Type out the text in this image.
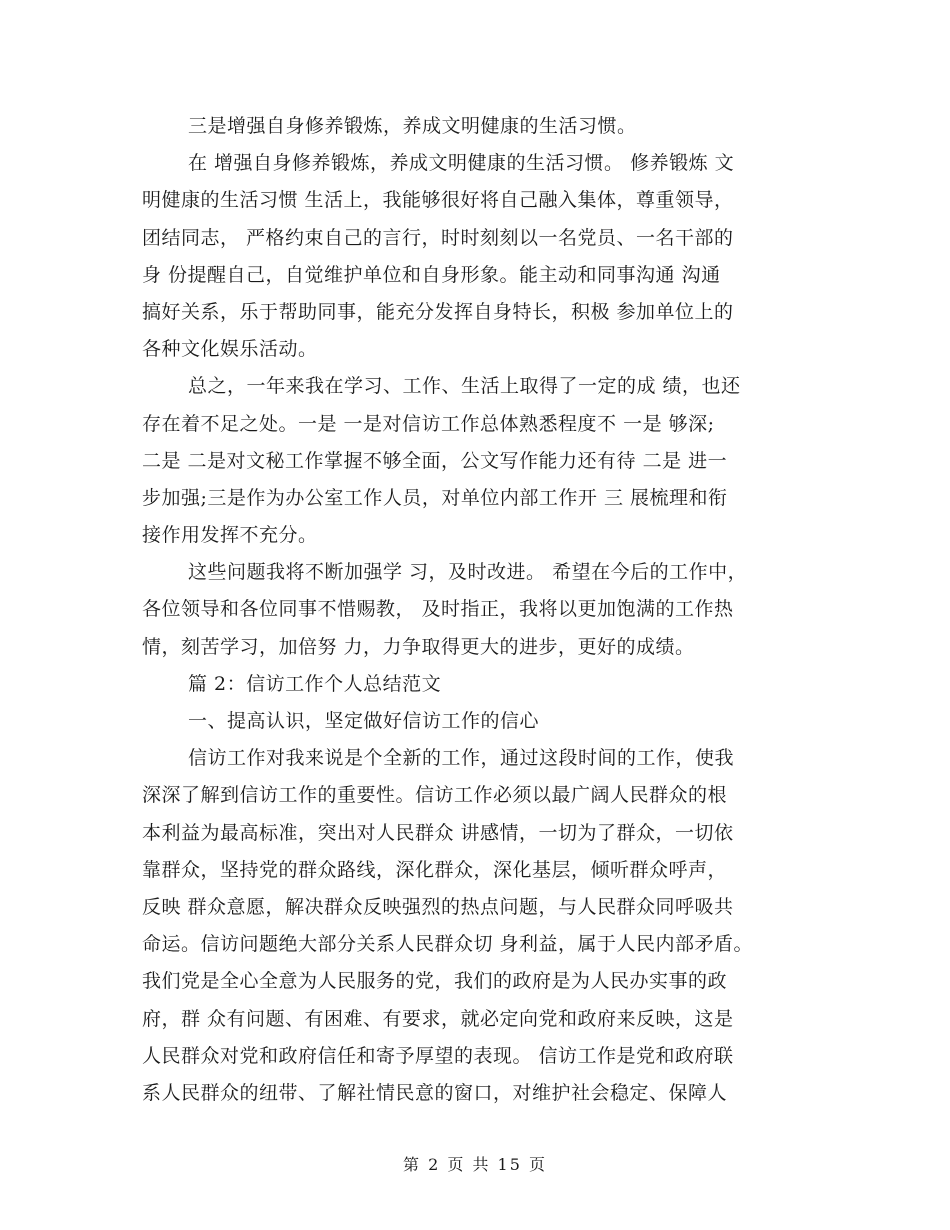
三是增强自身修养锻炼，养成文明健康的生活习惯。
在 增强自身修养锻炼，养成文明健康的生活习惯。 修养锻炼 文
明健康的生活习惯 生活上，我能够很好将自己融入集体，尊重领导，
团结同志， 严格约束自己的言行，时时刻刻以一名党员、一名干部的
身 份提醒自己，自觉维护单位和自身形象。能主动和同事沟通 沟通
搞好关系，乐于帮助同事，能充分发挥自身特长，积极 参加单位上的
各种文化娱乐活动。
总之，一年来我在学习、工作、生活上取得了一定的成 绩，也还
存在着不足之处。一是 一是对信访工作总体熟悉程度不 一是 够深;
二是 二是对文秘工作掌握不够全面，公文写作能力还有待 二是 进一
步加强;三是作为办公室工作人员，对单位内部工作开 三 展梳理和衔
接作用发挥不充分。
这些问题我将不断加强学 习，及时改进。 希望在今后的工作中，
各位领导和各位同事不惜赐教， 及时指正，我将以更加饱满的工作热
情，刻苦学习，加倍努 力，力争取得更大的进步，更好的成绩。
篇 2：信访工作个人总结范文
一、提高认识，坚定做好信访工作的信心
信访工作对我来说是个全新的工作，通过这段时间的工作，使我
深深了解到信访工作的重要性。信访工作必须以最广阔人民群众的根
本利益为最高标准，突出对人民群众 讲感情，一切为了群众，一切依
靠群众，坚持党的群众路线，深化群众，深化基层，倾听群众呼声，
反映 群众意愿，解决群众反映强烈的热点问题，与人民群众同呼吸共
命运。信访问题绝大部分关系人民群众切 身利益，属于人民内部矛盾。
我们党是全心全意为人民服务的党，我们的政府是为人民办实事的政
府，群 众有问题、有困难、有要求，就必定向党和政府来反映，这是
人民群众对党和政府信任和寄予厚望的表现。 信访工作是党和政府联
系人民群众的纽带、了解社情民意的窗口，对维护社会稳定、保障人
第 2 页 共 15 页
